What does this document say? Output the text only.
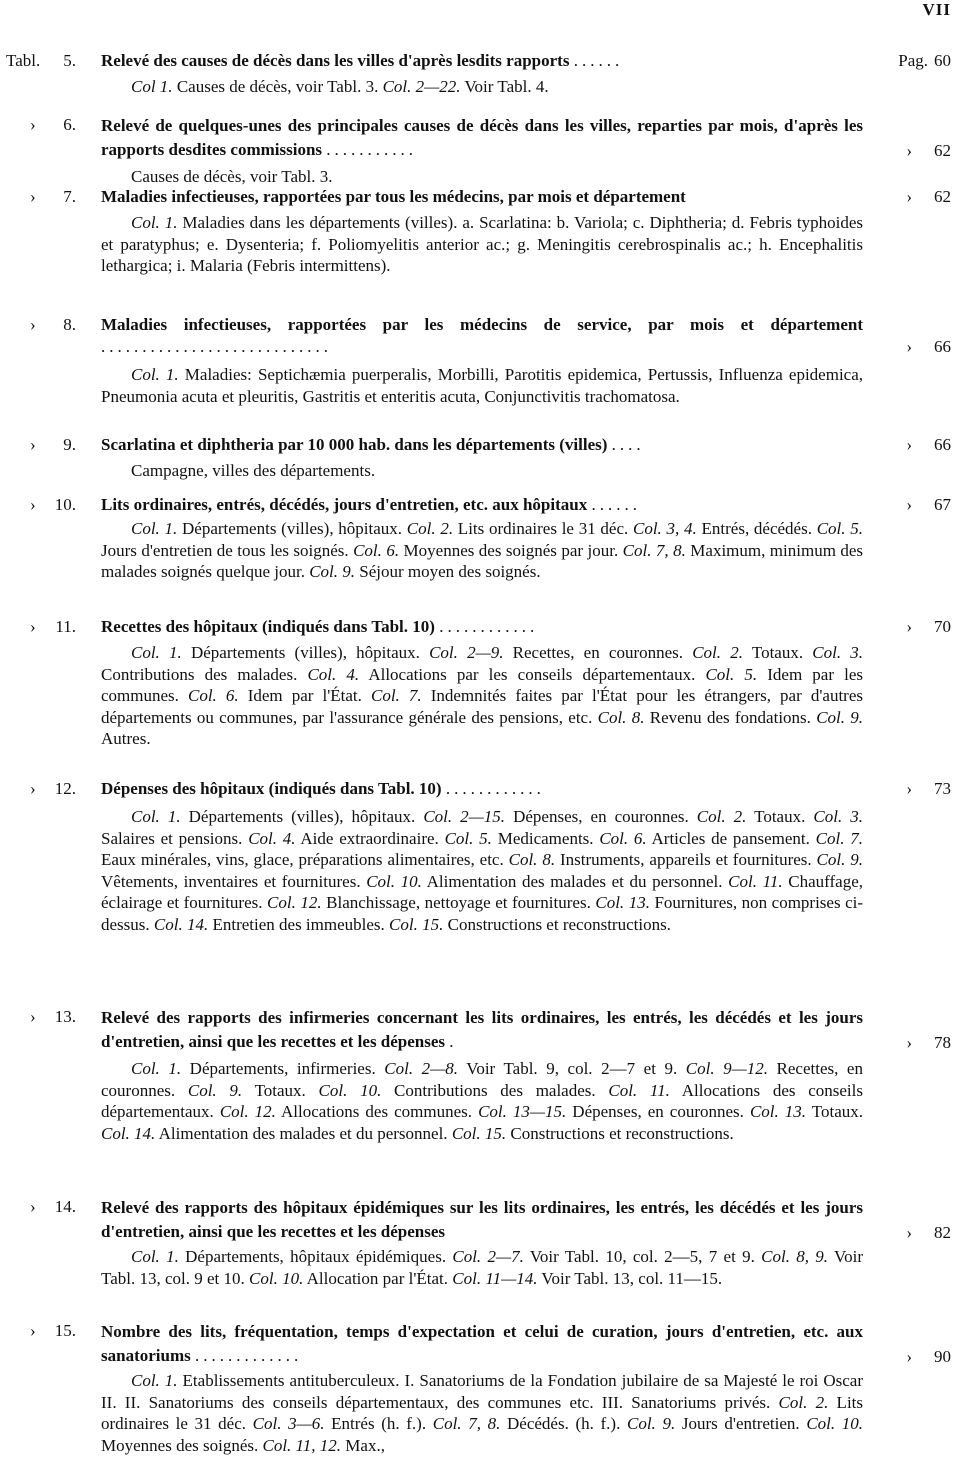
VII
Tabl. 5. Relevé des causes de décès dans les villes d'après lesdits rapports ......	Pag. 60
Col 1. Causes de décès, voir Tabl. 3. Col. 2—22. Voir Tabl. 4.
› 6. Relevé de quelques-unes des principales causes de décès dans les villes, reparties par mois, d'après les rapports desdites commissions ...........	› 62
Causes de décès, voir Tabl. 3.
› 7. Maladies infectieuses, rapportées par tous les médecins, par mois et département	› 62
Col. 1. Maladies dans les départements (villes). a. Scarlatina: b. Variola; c. Diphtheria; d. Febris typhoides et paratyphus; e. Dysenteria; f. Poliomyelitis anterior ac.; g. Meningitis cerebrospinalis ac.; h. Encephalitis lethargica; i. Malaria (Febris intermittens).
› 8. Maladies infectieuses, rapportées par les médecins de service, par mois et département ............................	› 66
Col. 1. Maladies: Septichæmia puerperalis, Morbilli, Parotitis epidemica, Pertussis, Influenza epidemica, Pneumonia acuta et pleuritis, Gastritis et enteritis acuta, Conjunctivitis trachomatosa.
› 9. Scarlatina et diphtheria par 10 000 hab. dans les départements (villes) ....	› 66
Campagne, villes des départements.
› 10. Lits ordinaires, entrés, décédés, jours d'entretien, etc. aux hôpitaux ......	› 67
Col. 1. Départements (villes), hôpitaux. Col. 2. Lits ordinaires le 31 déc. Col. 3, 4. Entrés, décédés. Col. 5. Jours d'entretien de tous les soignés. Col. 6. Moyennes des soignés par jour. Col. 7, 8. Maximum, minimum des malades soignés quelque jour. Col. 9. Séjour moyen des soignés.
› 11. Recettes des hôpitaux (indiqués dans Tabl. 10) ............	› 70
Col. 1. Départements (villes), hôpitaux. Col. 2—9. Recettes, en couronnes. Col. 2. Totaux. Col. 3. Contributions des malades. Col. 4. Allocations par les conseils départementaux. Col. 5. Idem par les communes. Col. 6. Idem par l'État. Col. 7. Indemnités faites par l'État pour les étrangers, par d'autres départements ou communes, par l'assurance générale des pensions, etc. Col. 8. Revenu des fondations. Col. 9. Autres.
› 12. Dépenses des hôpitaux (indiqués dans Tabl. 10) ............	› 73
Col. 1. Départements (villes), hôpitaux. Col. 2—15. Dépenses, en couronnes. Col. 2. Totaux. Col. 3. Salaires et pensions. Col. 4. Aide extraordinaire. Col. 5. Medicaments. Col. 6. Articles de pansement. Col. 7. Eaux minérales, vins, glace, préparations alimentaires, etc. Col. 8. Instruments, appareils et fournitures. Col. 9. Vêtements, inventaires et fournitures. Col. 10. Alimentation des malades et du personnel. Col. 11. Chauffage, éclairage et fournitures. Col. 12. Blanchissage, nettoyage et fournitures. Col. 13. Fournitures, non comprises ci-dessus. Col. 14. Entretien des immeubles. Col. 15. Constructions et reconstructions.
› 13. Relevé des rapports des infirmeries concernant les lits ordinaires, les entrés, les décédés et les jours d'entretien, ainsi que les recettes et les dépenses .	› 78
Col. 1. Départements, infirmeries. Col. 2—8. Voir Tabl. 9, col. 2—7 et 9. Col. 9—12. Recettes, en couronnes. Col. 9. Totaux. Col. 10. Contributions des malades. Col. 11. Allocations des conseils départementaux. Col. 12. Allocations des communes. Col. 13—15. Dépenses, en couronnes. Col. 13. Totaux. Col. 14. Alimentation des malades et du personnel. Col. 15. Constructions et reconstructions.
› 14. Relevé des rapports des hôpitaux épidémiques sur les lits ordinaires, les entrés, les décédés et les jours d'entretien, ainsi que les recettes et les dépenses	› 82
Col. 1. Départements, hôpitaux épidémiques. Col. 2—7. Voir Tabl. 10, col. 2—5, 7 et 9. Col. 8, 9. Voir Tabl. 13, col. 9 et 10. Col. 10. Allocation par l'État. Col. 11—14. Voir Tabl. 13, col. 11—15.
› 15. Nombre des lits, fréquentation, temps d'expectation et celui de curation, jours d'entretien, etc. aux sanatoriums .............	› 90
Col. 1. Etablissements antituberculeux. I. Sanatoriums de la Fondation jubilaire de sa Majesté le roi Oscar II. II. Sanatoriums des conseils départementaux, des communes etc. III. Sanatoriums privés. Col. 2. Lits ordinaires le 31 déc. Col. 3—6. Entrés (h. f.). Col. 7, 8. Décédés. (h. f.). Col. 9. Jours d'entretien. Col. 10. Moyennes des soignés. Col. 11, 12. Max.,
